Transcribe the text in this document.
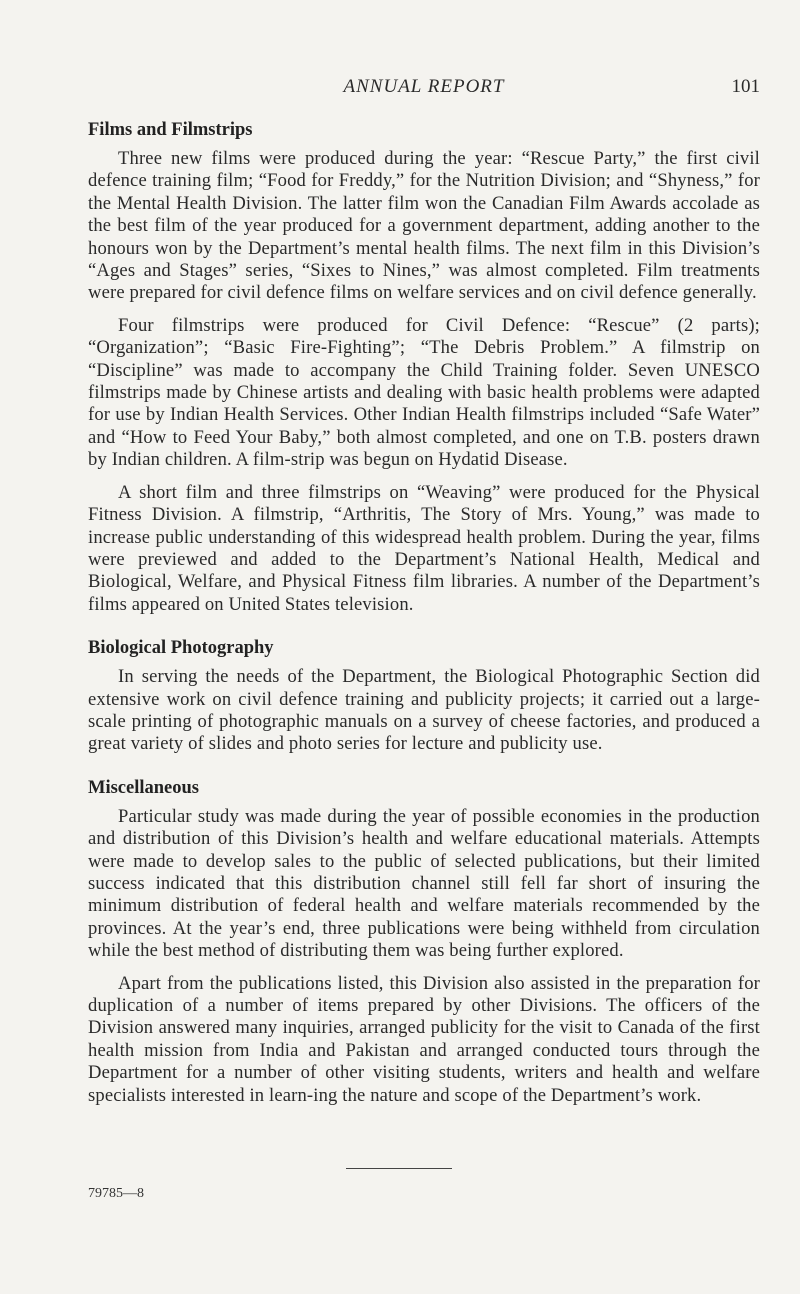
ANNUAL REPORT	101
Films and Filmstrips

Three new films were produced during the year: “Rescue Party,” the first civil defence training film; “Food for Freddy,” for the Nutrition Division; and “Shyness,” for the Mental Health Division. The latter film won the Canadian Film Awards accolade as the best film of the year produced for a government department, adding another to the honours won by the Department’s mental health films. The next film in this Division’s “Ages and Stages” series, “Sixes to Nines,” was almost completed. Film treatments were prepared for civil defence films on welfare services and on civil defence generally.

Four filmstrips were produced for Civil Defence: “Rescue” (2 parts); “Organization”; “Basic Fire-Fighting”; “The Debris Problem.” A filmstrip on “Discipline” was made to accompany the Child Training folder. Seven UNESCO filmstrips made by Chinese artists and dealing with basic health problems were adapted for use by Indian Health Services. Other Indian Health filmstrips included “Safe Water” and “How to Feed Your Baby,” both almost completed, and one on T.B. posters drawn by Indian children. A film-strip was begun on Hydatid Disease.

A short film and three filmstrips on “Weaving” were produced for the Physical Fitness Division. A filmstrip, “Arthritis, The Story of Mrs. Young,” was made to increase public understanding of this widespread health problem. During the year, films were previewed and added to the Department’s National Health, Medical and Biological, Welfare, and Physical Fitness film libraries. A number of the Department’s films appeared on United States television.

Biological Photography

In serving the needs of the Department, the Biological Photographic Section did extensive work on civil defence training and publicity projects; it carried out a large-scale printing of photographic manuals on a survey of cheese factories, and produced a great variety of slides and photo series for lecture and publicity use.

Miscellaneous

Particular study was made during the year of possible economies in the production and distribution of this Division’s health and welfare educational materials. Attempts were made to develop sales to the public of selected publications, but their limited success indicated that this distribution channel still fell far short of insuring the minimum distribution of federal health and welfare materials recommended by the provinces. At the year’s end, three publications were being withheld from circulation while the best method of distributing them was being further explored.

Apart from the publications listed, this Division also assisted in the preparation for duplication of a number of items prepared by other Divisions. The officers of the Division answered many inquiries, arranged publicity for the visit to Canada of the first health mission from India and Pakistan and arranged conducted tours through the Department for a number of other visiting students, writers and health and welfare specialists interested in learn-ing the nature and scope of the Department’s work.

79785—8
